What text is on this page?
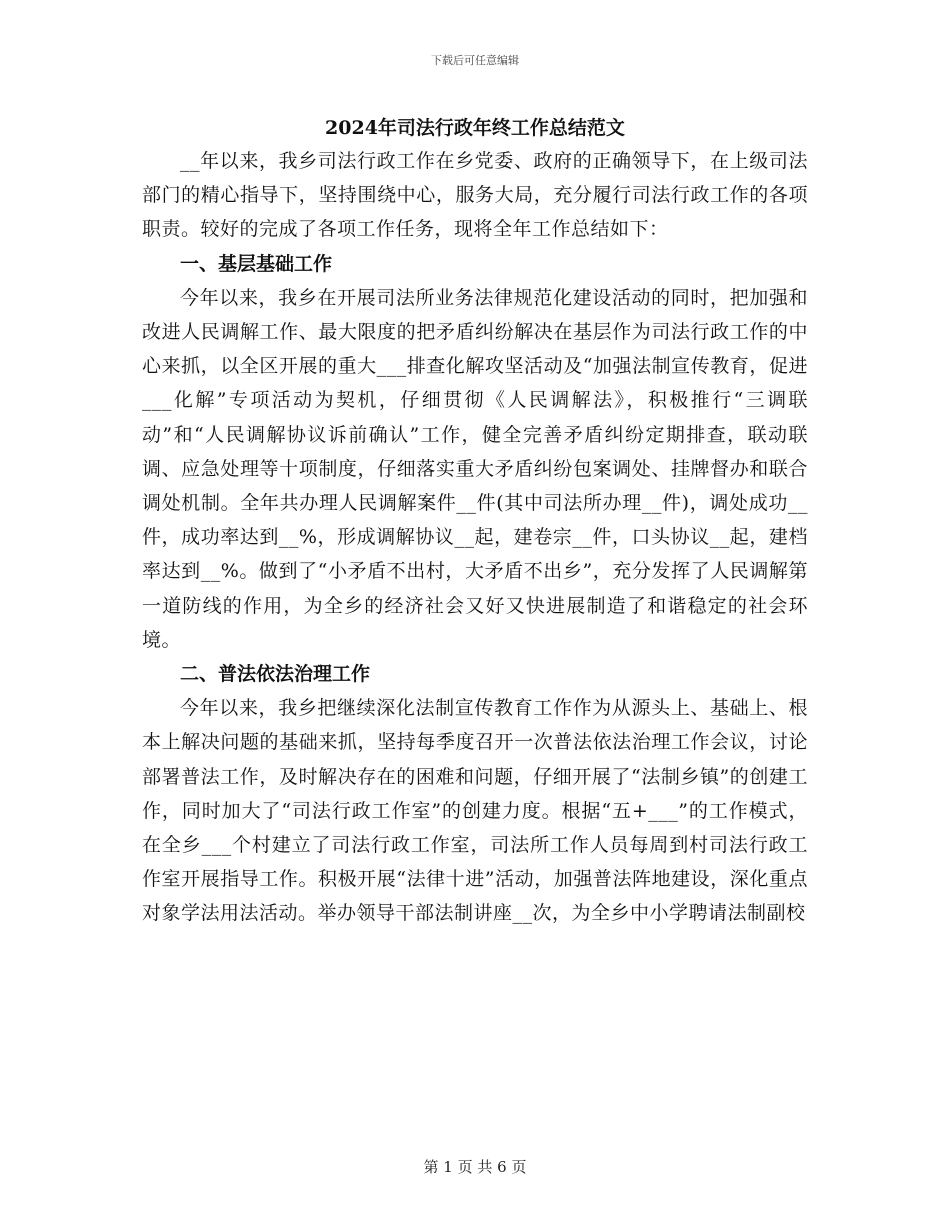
下载后可任意编辑
2024年司法行政年终工作总结范文

__年以来，我乡司法行政工作在乡党委、政府的正确领导下，在上级司法部门的精心指导下，坚持围绕中心，服务大局，充分履行司法行政工作的各项职责。较好的完成了各项工作任务，现将全年工作总结如下：

一、基层基础工作

今年以来，我乡在开展司法所业务法律规范化建设活动的同时，把加强和改进人民调解工作、最大限度的把矛盾纠纷解决在基层作为司法行政工作的中心来抓，以全区开展的重大___排查化解攻坚活动及“加强法制宣传教育，促进___化解”专项活动为契机，仔细贯彻《人民调解法》，积极推行“三调联动”和“人民调解协议诉前确认”工作，健全完善矛盾纠纷定期排查，联动联调、应急处理等十项制度，仔细落实重大矛盾纠纷包案调处、挂牌督办和联合调处机制。全年共办理人民调解案件__件(其中司法所办理__件)，调处成功__件，成功率达到__%，形成调解协议__起，建卷宗__件，口头协议__起，建档率达到__%。做到了“小矛盾不出村，大矛盾不出乡”，充分发挥了人民调解第一道防线的作用，为全乡的经济社会又好又快进展制造了和谐稳定的社会环境。

二、普法依法治理工作

今年以来，我乡把继续深化法制宣传教育工作作为从源头上、基础上、根本上解决问题的基础来抓，坚持每季度召开一次普法依法治理工作会议，讨论部署普法工作，及时解决存在的困难和问题，仔细开展了“法制乡镇”的创建工作，同时加大了“司法行政工作室”的创建力度。根据“五+___”的工作模式，在全乡___个村建立了司法行政工作室，司法所工作人员每周到村司法行政工作室开展指导工作。积极开展“法律十进”活动，加强普法阵地建设，深化重点对象学法用法活动。举办领导干部法制讲座__次，为全乡中小学聘请法制副校

第 1 页 共 6 页
